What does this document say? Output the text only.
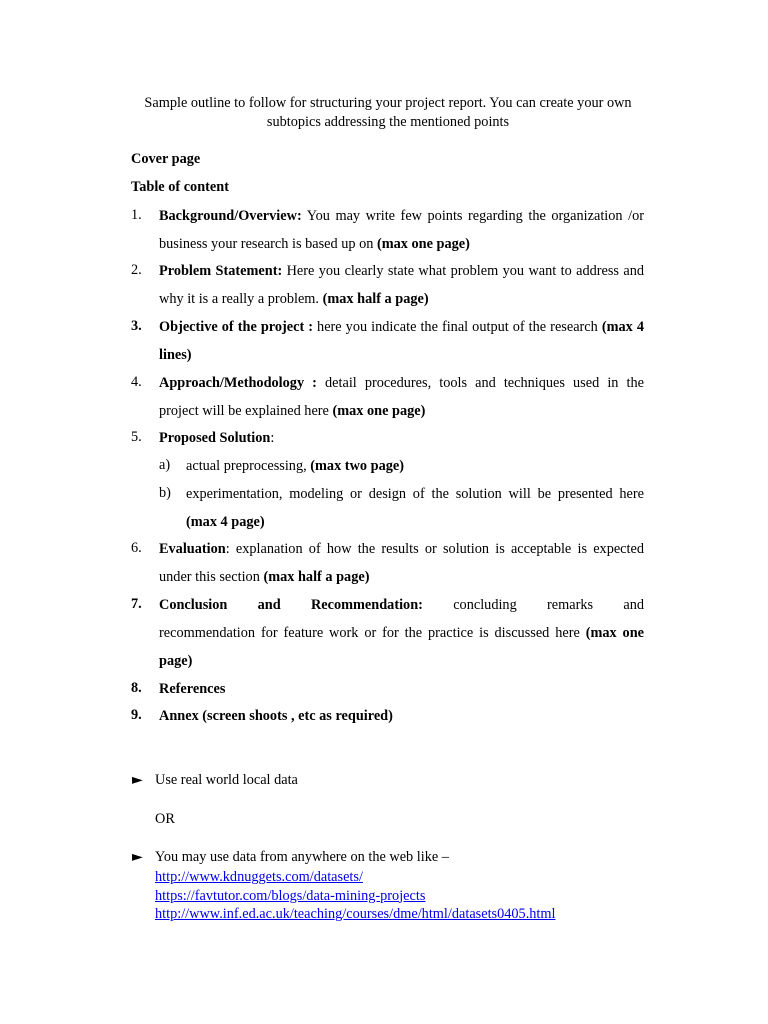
Sample outline to follow for structuring your project report. You can create your own subtopics addressing the mentioned points
Cover page
Table of content
1. Background/Overview: You may write few points regarding the organization /or business your research is based up on (max one page)
2. Problem Statement: Here you clearly state what problem you want to address and why it is a really a problem. (max half a page)
3. Objective of the project : here you indicate the final output of the research (max 4 lines)
4. Approach/Methodology : detail procedures, tools and techniques used in the project will be explained here (max one page)
5. Proposed Solution:
a) actual preprocessing, (max two page)
b) experimentation, modeling or design of the solution will be presented here (max 4 page)
6. Evaluation: explanation of how the results or solution is acceptable is expected under this section (max half a page)
7. Conclusion and Recommendation: concluding remarks and
recommendation for feature work or for the practice is discussed here (max one page)
8. References
9. Annex (screen shoots , etc as required)
► Use real world local data
OR
► You may use data from anywhere on the web like –
http://www.kdnuggets.com/datasets/
https://favtutor.com/blogs/data-mining-projects
http://www.inf.ed.ac.uk/teaching/courses/dme/html/datasets0405.html
